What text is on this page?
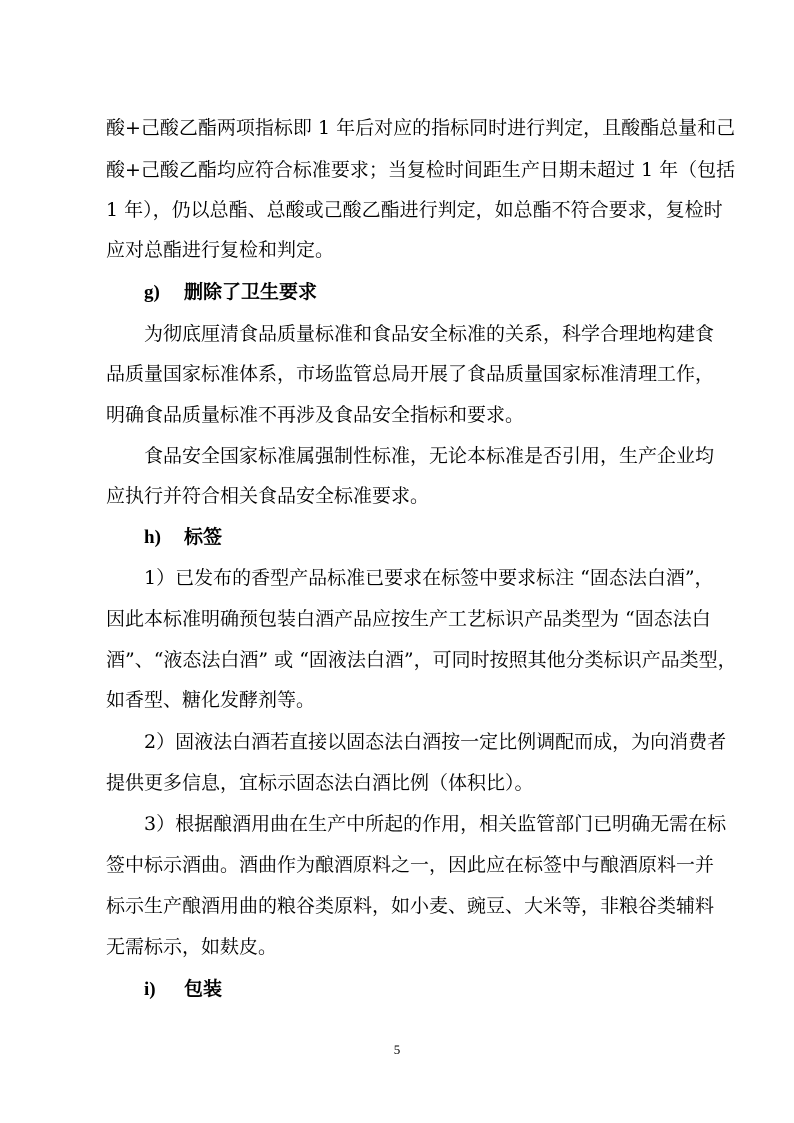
酸+己酸乙酯两项指标即 1 年后对应的指标同时进行判定，且酸酯总量和己
酸+己酸乙酯均应符合标准要求；当复检时间距生产日期未超过 1 年（包括
1 年），仍以总酯、总酸或己酸乙酯进行判定，如总酯不符合要求，复检时
应对总酯进行复检和判定。
g) 删除了卫生要求
为彻底厘清食品质量标准和食品安全标准的关系，科学合理地构建食
品质量国家标准体系，市场监管总局开展了食品质量国家标准清理工作，
明确食品质量标准不再涉及食品安全指标和要求。
食品安全国家标准属强制性标准，无论本标准是否引用，生产企业均
应执行并符合相关食品安全标准要求。
h) 标签
1）已发布的香型产品标准已要求在标签中要求标注 “固态法白酒”，
因此本标准明确预包装白酒产品应按生产工艺标识产品类型为 “固态法白
酒”、“液态法白酒” 或 “固液法白酒”，可同时按照其他分类标识产品类型，
如香型、糖化发酵剂等。
2）固液法白酒若直接以固态法白酒按一定比例调配而成，为向消费者
提供更多信息，宜标示固态法白酒比例（体积比）。
3）根据酿酒用曲在生产中所起的作用，相关监管部门已明确无需在标
签中标示酒曲。酒曲作为酿酒原料之一，因此应在标签中与酿酒原料一并
标示生产酿酒用曲的粮谷类原料，如小麦、豌豆、大米等，非粮谷类辅料
无需标示，如麸皮。
i) 包装
5
